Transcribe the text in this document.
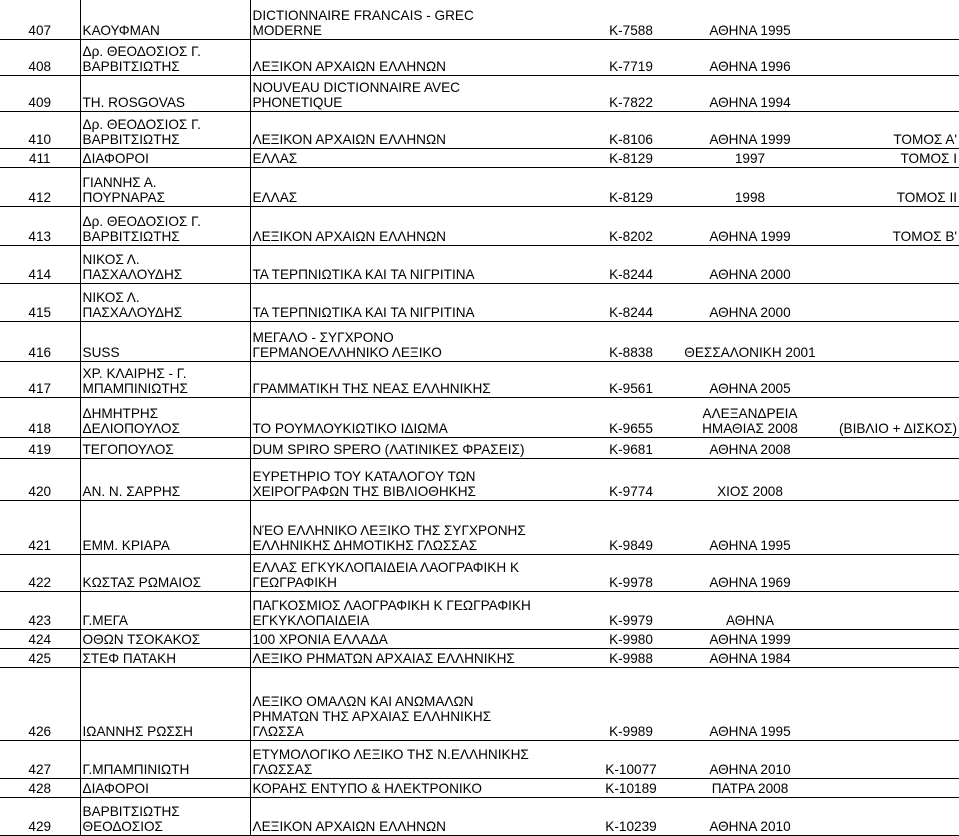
407	ΚΑΟΥΦΜΑΝ	DICTIONNAIRE FRANCAIS - GREC
MODERNE	K-7588	ΑΘΗΝΑ 1995	
408	Δρ. ΘΕΟΔΟΣΙΟΣ Γ.
ΒΑΡΒΙΤΣΙΩΤΗΣ	ΛΕΞΙΚΟΝ ΑΡΧΑΙΩΝ ΕΛΛΗΝΩΝ	K-7719	ΑΘΗΝΑ 1996	
409	ΤΗ. ROSGOVAS	NOUVEAU DICTIONNAIRE AVEC
PHONETIQUE	K-7822	ΑΘΗΝΑ 1994	
410	Δρ. ΘΕΟΔΟΣΙΟΣ Γ.
ΒΑΡΒΙΤΣΙΩΤΗΣ	ΛΕΞΙΚΟΝ ΑΡΧΑΙΩΝ ΕΛΛΗΝΩΝ	K-8106	ΑΘΗΝΑ 1999	ΤΟΜΟΣ Α'
411	ΔΙΑΦΟΡΟΙ	ΕΛΛΑΣ	K-8129	1997	ΤΟΜΟΣ Ι
412	ΓΙΑΝΝΗΣ Α.
ΠΟΥΡΝΑΡΑΣ	ΕΛΛΑΣ	K-8129	1998	ΤΟΜΟΣ ΙΙ
413	Δρ. ΘΕΟΔΟΣΙΟΣ Γ.
ΒΑΡΒΙΤΣΙΩΤΗΣ	ΛΕΞΙΚΟΝ ΑΡΧΑΙΩΝ ΕΛΛΗΝΩΝ	K-8202	ΑΘΗΝΑ 1999	ΤΟΜΟΣ Β'
414	ΝΙΚΟΣ Λ.
ΠΑΣΧΑΛΟΥΔΗΣ	ΤΑ ΤΕΡΠΝΙΩΤΙΚΑ ΚΑΙ ΤΑ ΝΙΓΡΙΤΙΝΑ	K-8244	ΑΘΗΝΑ 2000	
415	ΝΙΚΟΣ Λ.
ΠΑΣΧΑΛΟΥΔΗΣ	ΤΑ ΤΕΡΠΝΙΩΤΙΚΑ ΚΑΙ ΤΑ ΝΙΓΡΙΤΙΝΑ	K-8244	ΑΘΗΝΑ 2000	
416	SUSS	ΜΕΓΑΛΟ - ΣΥΓΧΡΟΝΟ
ΓΕΡΜΑΝΟΕΛΛΗΝΙΚΟ ΛΕΞΙΚΟ	K-8838	ΘΕΣΣΑΛΟΝΙΚΗ 2001	
417	ΧΡ. ΚΛΑΙΡΗΣ - Γ.
ΜΠΑΜΠΙΝΙΩΤΗΣ	ΓΡΑΜΜΑΤΙΚΗ ΤΗΣ ΝΕΑΣ ΕΛΛΗΝΙΚΗΣ	K-9561	ΑΘΗΝΑ 2005	
418	ΔΗΜΗΤΡΗΣ
ΔΕΛΙΟΠΟΥΛΟΣ	ΤΟ ΡΟΥΜΛΟΥΚΙΩΤΙΚΟ ΙΔΙΩΜΑ	K-9655	ΑΛΕΞΑΝΔΡΕΙΑ
ΗΜΑΘΙΑΣ 2008	(ΒΙΒΛΙΟ + ΔΙΣΚΟΣ)
419	ΤΕΓΟΠΟΥΛΟΣ	DUM SPIRO SPERO (ΛΑΤΙΝΙΚΕΣ ΦΡΑΣΕΙΣ)	K-9681	ΑΘΗΝΑ 2008	
420	ΑΝ. Ν. ΣΑΡΡΗΣ	ΕΥΡΕΤΗΡΙΟ ΤΟΥ ΚΑΤΑΛΟΓΟΥ ΤΩΝ
ΧΕΙΡΟΓΡΑΦΩΝ ΤΗΣ ΒΙΒΛΙΟΘΗΚΗΣ	K-9774	ΧΙΟΣ 2008	
421	ΕΜΜ. ΚΡΙΑΡΑ	ΝΈΟ ΕΛΛΗΝΙΚΟ ΛΕΞΙΚΟ ΤΗΣ ΣΥΓΧΡΟΝΗΣ
ΕΛΛΗΝΙΚΗΣ ΔΗΜΟΤΙΚΗΣ ΓΛΩΣΣΑΣ	K-9849	ΑΘΗΝΑ 1995	
422	ΚΩΣΤΑΣ ΡΩΜΑΙΟΣ	ΕΛΛΑΣ ΕΓΚΥΚΛΟΠΑΙΔΕΙΑ ΛΑΟΓΡΑΦΙΚΗ Κ
ΓΕΩΓΡΑΦΙΚΗ	K-9978	ΑΘΗΝΑ 1969	
423	Γ.ΜΕΓΑ	ΠΑΓΚΟΣΜΙΟΣ ΛΑΟΓΡΑΦΙΚΗ Κ ΓΕΩΓΡΑΦΙΚΗ
ΕΓΚΥΚΛΟΠΑΙΔΕΙΑ	K-9979	ΑΘΗΝΑ	
424	ΟΘΩΝ ΤΣΟΚΑΚΟΣ	100 ΧΡΟΝΙΑ ΕΛΛΑΔΑ	K-9980	ΑΘΗΝΑ 1999	
425	ΣΤΕΦ ΠΑΤΑΚΗ	ΛΕΞΙΚΟ ΡΗΜΑΤΩΝ ΑΡΧΑΙΑΣ ΕΛΛΗΝΙΚΗΣ	K-9988	ΑΘΗΝΑ 1984	
426	ΙΩΑΝΝΗΣ ΡΩΣΣΗ	ΛΕΞΙΚΟ ΟΜΑΛΩΝ ΚΑΙ ΑΝΩΜΑΛΩΝ
ΡΗΜΑΤΩΝ ΤΗΣ ΑΡΧΑΙΑΣ ΕΛΛΗΝΙΚΗΣ
ΓΛΩΣΣΑ	K-9989	ΑΘΗΝΑ 1995	
427	Γ.ΜΠΑΜΠΙΝΙΩΤΗ	ΕΤΥΜΟΛΟΓΙΚΟ ΛΕΞΙΚΟ ΤΗΣ Ν.ΕΛΛΗΝΙΚΗΣ
ΓΛΩΣΣΑΣ	K-10077	ΑΘΗΝΑ 2010	
428	ΔΙΑΦΟΡΟΙ	ΚΟΡΑΗΣ ΕΝΤΥΠΟ & ΗΛΕΚΤΡΟΝΙΚΟ	K-10189	ΠΑΤΡΑ 2008	
429	ΒΑΡΒΙΤΣΙΩΤΗΣ
ΘΕΟΔΟΣΙΟΣ	ΛΕΞΙΚΟΝ ΑΡΧΑΙΩΝ ΕΛΛΗΝΩΝ	K-10239	ΑΘΗΝΑ 2010	
